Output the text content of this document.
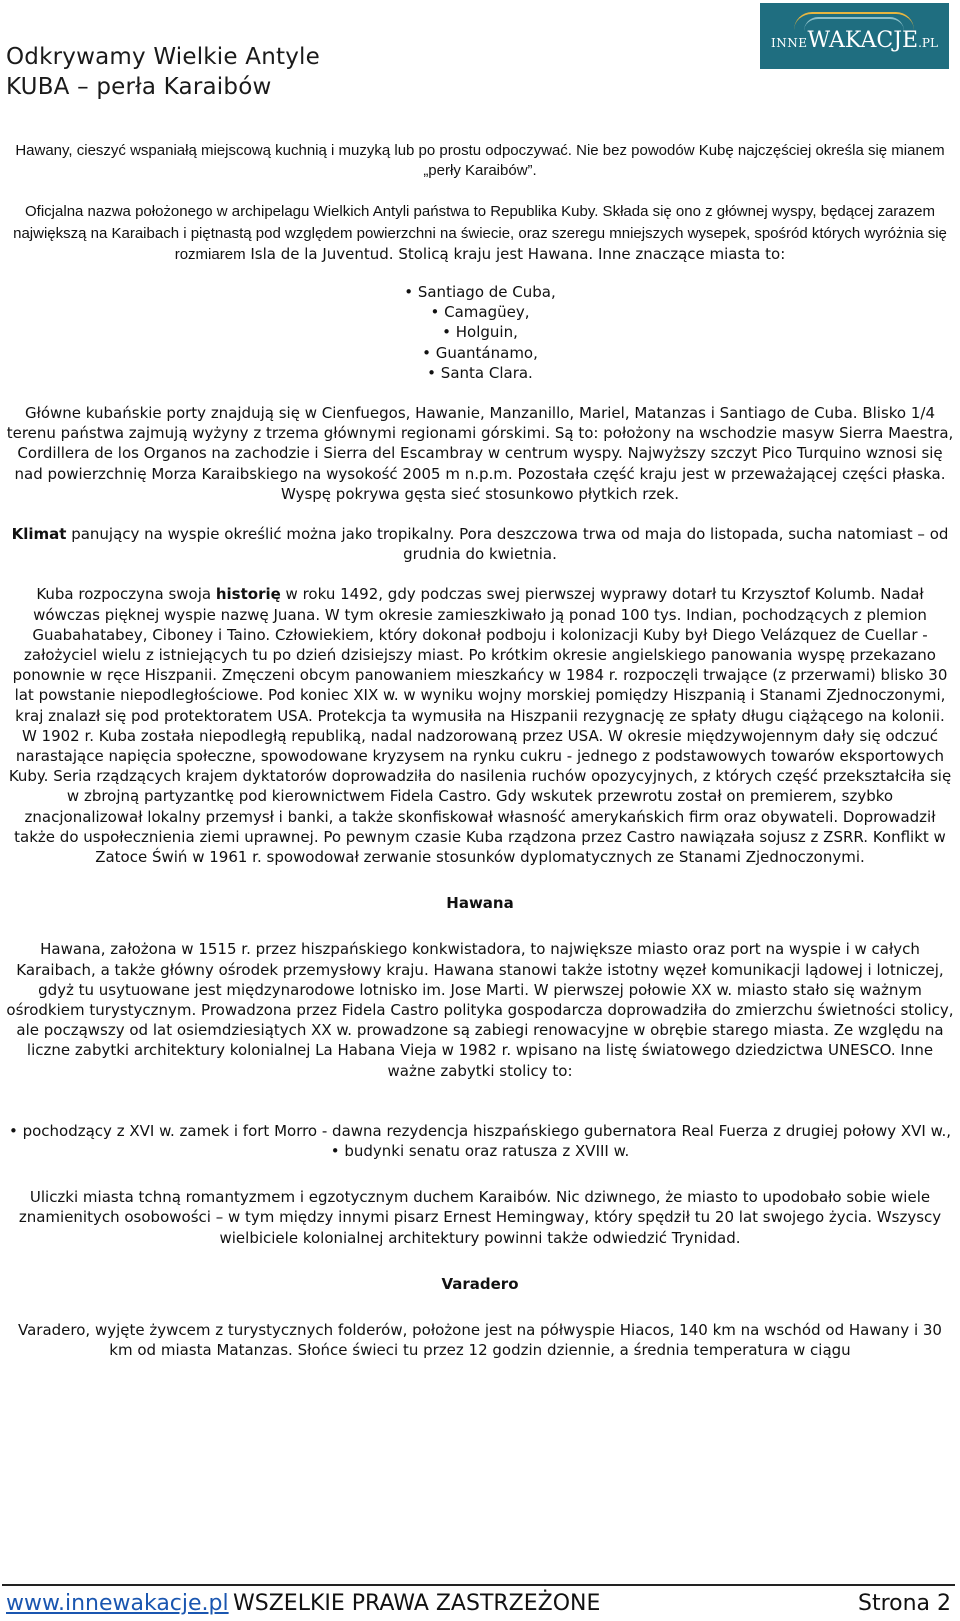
Odkrywamy Wielkie Antyle
KUBA – perła Karaibów
INNE WAKACJE .PL

Hawany, cieszyć wspaniałą miejscową kuchnią i muzyką lub po prostu odpoczywać. Nie bez powodów Kubę najczęściej określa się mianem „perły Karaibów”.

Oficjalna nazwa położonego w archipelagu Wielkich Antyli państwa to Republika Kuby. Składa się ono z głównej wyspy, będącej zarazem największą na Karaibach i piętnastą pod względem powierzchni na świecie, oraz szeregu mniejszych wysepek, spośród których wyróżnia się rozmiarem Isla de la Juventud. Stolicą kraju jest Hawana. Inne znaczące miasta to:

• Santiago de Cuba,
• Camagüey,
• Holguin,
• Guantánamo,
• Santa Clara.

Główne kubańskie porty znajdują się w Cienfuegos, Hawanie, Manzanillo, Mariel, Matanzas i Santiago de Cuba. Blisko 1/4 terenu państwa zajmują wyżyny z trzema głównymi regionami górskimi. Są to: położony na wschodzie masyw Sierra Maestra, Cordillera de los Organos na zachodzie i Sierra del Escambray w centrum wyspy. Najwyższy szczyt Pico Turquino wznosi się nad powierzchnię Morza Karaibskiego na wysokość 2005 m n.p.m. Pozostała część kraju jest w przeważającej części płaska. Wyspę pokrywa gęsta sieć stosunkowo płytkich rzek.

Klimat panujący na wyspie określić można jako tropikalny. Pora deszczowa trwa od maja do listopada, sucha natomiast – od grudnia do kwietnia.

Kuba rozpoczyna swoja historię w roku 1492, gdy podczas swej pierwszej wyprawy dotarł tu Krzysztof Kolumb. Nadał wówczas pięknej wyspie nazwę Juana. W tym okresie zamieszkiwało ją ponad 100 tys. Indian, pochodzących z plemion Guabahatabey, Ciboney i Taino. Człowiekiem, który dokonał podboju i kolonizacji Kuby był Diego Velázquez de Cuellar - założyciel wielu z istniejących tu po dzień dzisiejszy miast. Po krótkim okresie angielskiego panowania wyspę przekazano ponownie w ręce Hiszpanii. Zmęczeni obcym panowaniem mieszkańcy w 1984 r. rozpoczęli trwające (z przerwami) blisko 30 lat powstanie niepodległościowe. Pod koniec XIX w. w wyniku wojny morskiej pomiędzy Hiszpanią i Stanami Zjednoczonymi, kraj znalazł się pod protektoratem USA. Protekcja ta wymusiła na Hiszpanii rezygnację ze spłaty długu ciążącego na kolonii. W 1902 r. Kuba została niepodległą republiką, nadal nadzorowaną przez USA. W okresie międzywojennym dały się odczuć narastające napięcia społeczne, spowodowane kryzysem na rynku cukru - jednego z podstawowych towarów eksportowych Kuby. Seria rządzących krajem dyktatorów doprowadziła do nasilenia ruchów opozycyjnych, z których część przekształciła się w zbrojną partyzantkę pod kierownictwem Fidela Castro. Gdy wskutek przewrotu został on premierem, szybko znacjonalizował lokalny przemysł i banki, a także skonfiskował własność amerykańskich firm oraz obywateli. Doprowadził także do uspołecznienia ziemi uprawnej. Po pewnym czasie Kuba rządzona przez Castro nawiązała sojusz z ZSRR. Konflikt w Zatoce Świń w 1961 r. spowodował zerwanie stosunków dyplomatycznych ze Stanami Zjednoczonymi.

Hawana

Hawana, założona w 1515 r. przez hiszpańskiego konkwistadora, to największe miasto oraz port na wyspie i w całych Karaibach, a także główny ośrodek przemysłowy kraju. Hawana stanowi także istotny węzeł komunikacji lądowej i lotniczej, gdyż tu usytuowane jest międzynarodowe lotnisko im. Jose Marti. W pierwszej połowie XX w. miasto stało się ważnym ośrodkiem turystycznym. Prowadzona przez Fidela Castro polityka gospodarcza doprowadziła do zmierzchu świetności stolicy, ale począwszy od lat osiemdziesiątych XX w. prowadzone są zabiegi renowacyjne w obrębie starego miasta. Ze względu na liczne zabytki architektury kolonialnej La Habana Vieja w 1982 r. wpisano na listę światowego dziedzictwa UNESCO. Inne ważne zabytki stolicy to:

• pochodzący z XVI w. zamek i fort Morro - dawna rezydencja hiszpańskiego gubernatora Real Fuerza z drugiej połowy XVI w.,
• budynki senatu oraz ratusza z XVIII w.

Uliczki miasta tchną romantyzmem i egzotycznym duchem Karaibów. Nic dziwnego, że miasto to upodobało sobie wiele znamienitych osobowości – w tym między innymi pisarz Ernest Hemingway, który spędził tu 20 lat swojego życia. Wszyscy wielbiciele kolonialnej architektury powinni także odwiedzić Trynidad.

Varadero

Varadero, wyjęte żywcem z turystycznych folderów, położone jest na półwyspie Hiacos, 140 km na wschód od Hawany i 30 km od miasta Matanzas. Słońce świeci tu przez 12 godzin dziennie, a średnia temperatura w ciągu

www.innewakacje.pl WSZELKIE PRAWA ZASTRZEŻONE	Strona 2
